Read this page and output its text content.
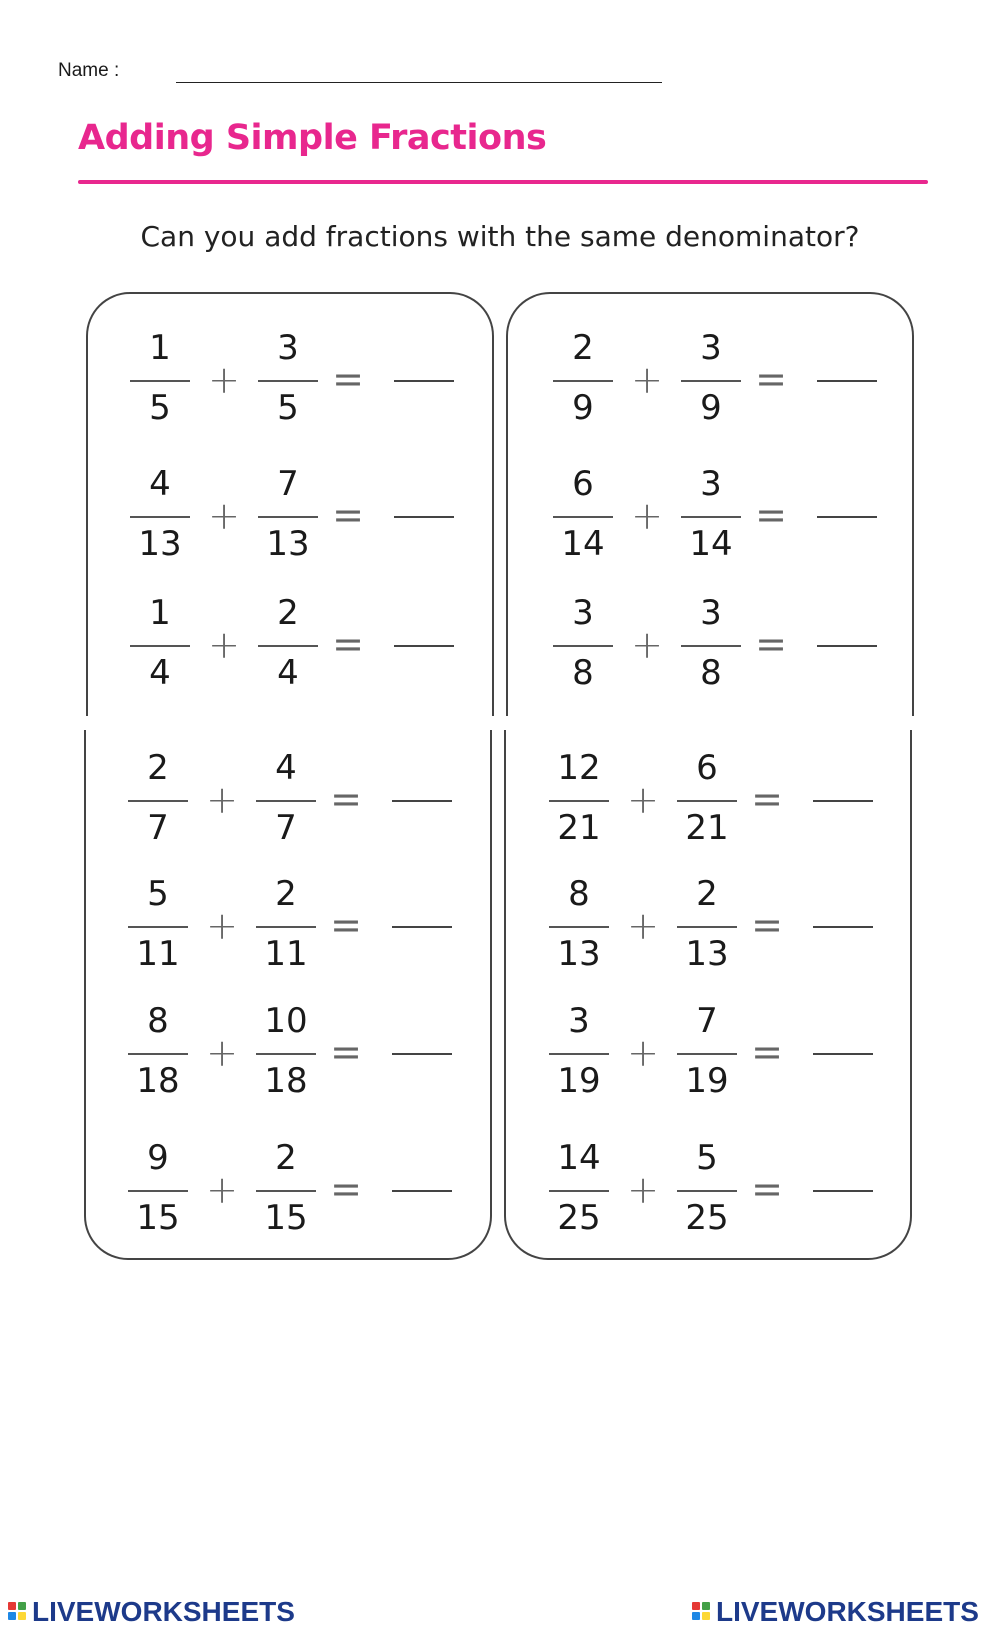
Name :
Adding Simple Fractions
Can you add fractions with the same denominator?
1
5
+
3
5
=
4
13
+
7
13
=
1
4
+
2
4
=
2
9
+
3
9
=
6
14
+
3
14
=
3
8
+
3
8
=
2
7
+
4
7
=
5
11
+
2
11
=
8
18
+
10
18
=
9
15
+
2
15
=
12
21
+
6
21
=
8
13
+
2
13
=
3
19
+
7
19
=
14
25
+
5
25
=
LIVEWORKSHEETS	LIVEWORKSHEETS
